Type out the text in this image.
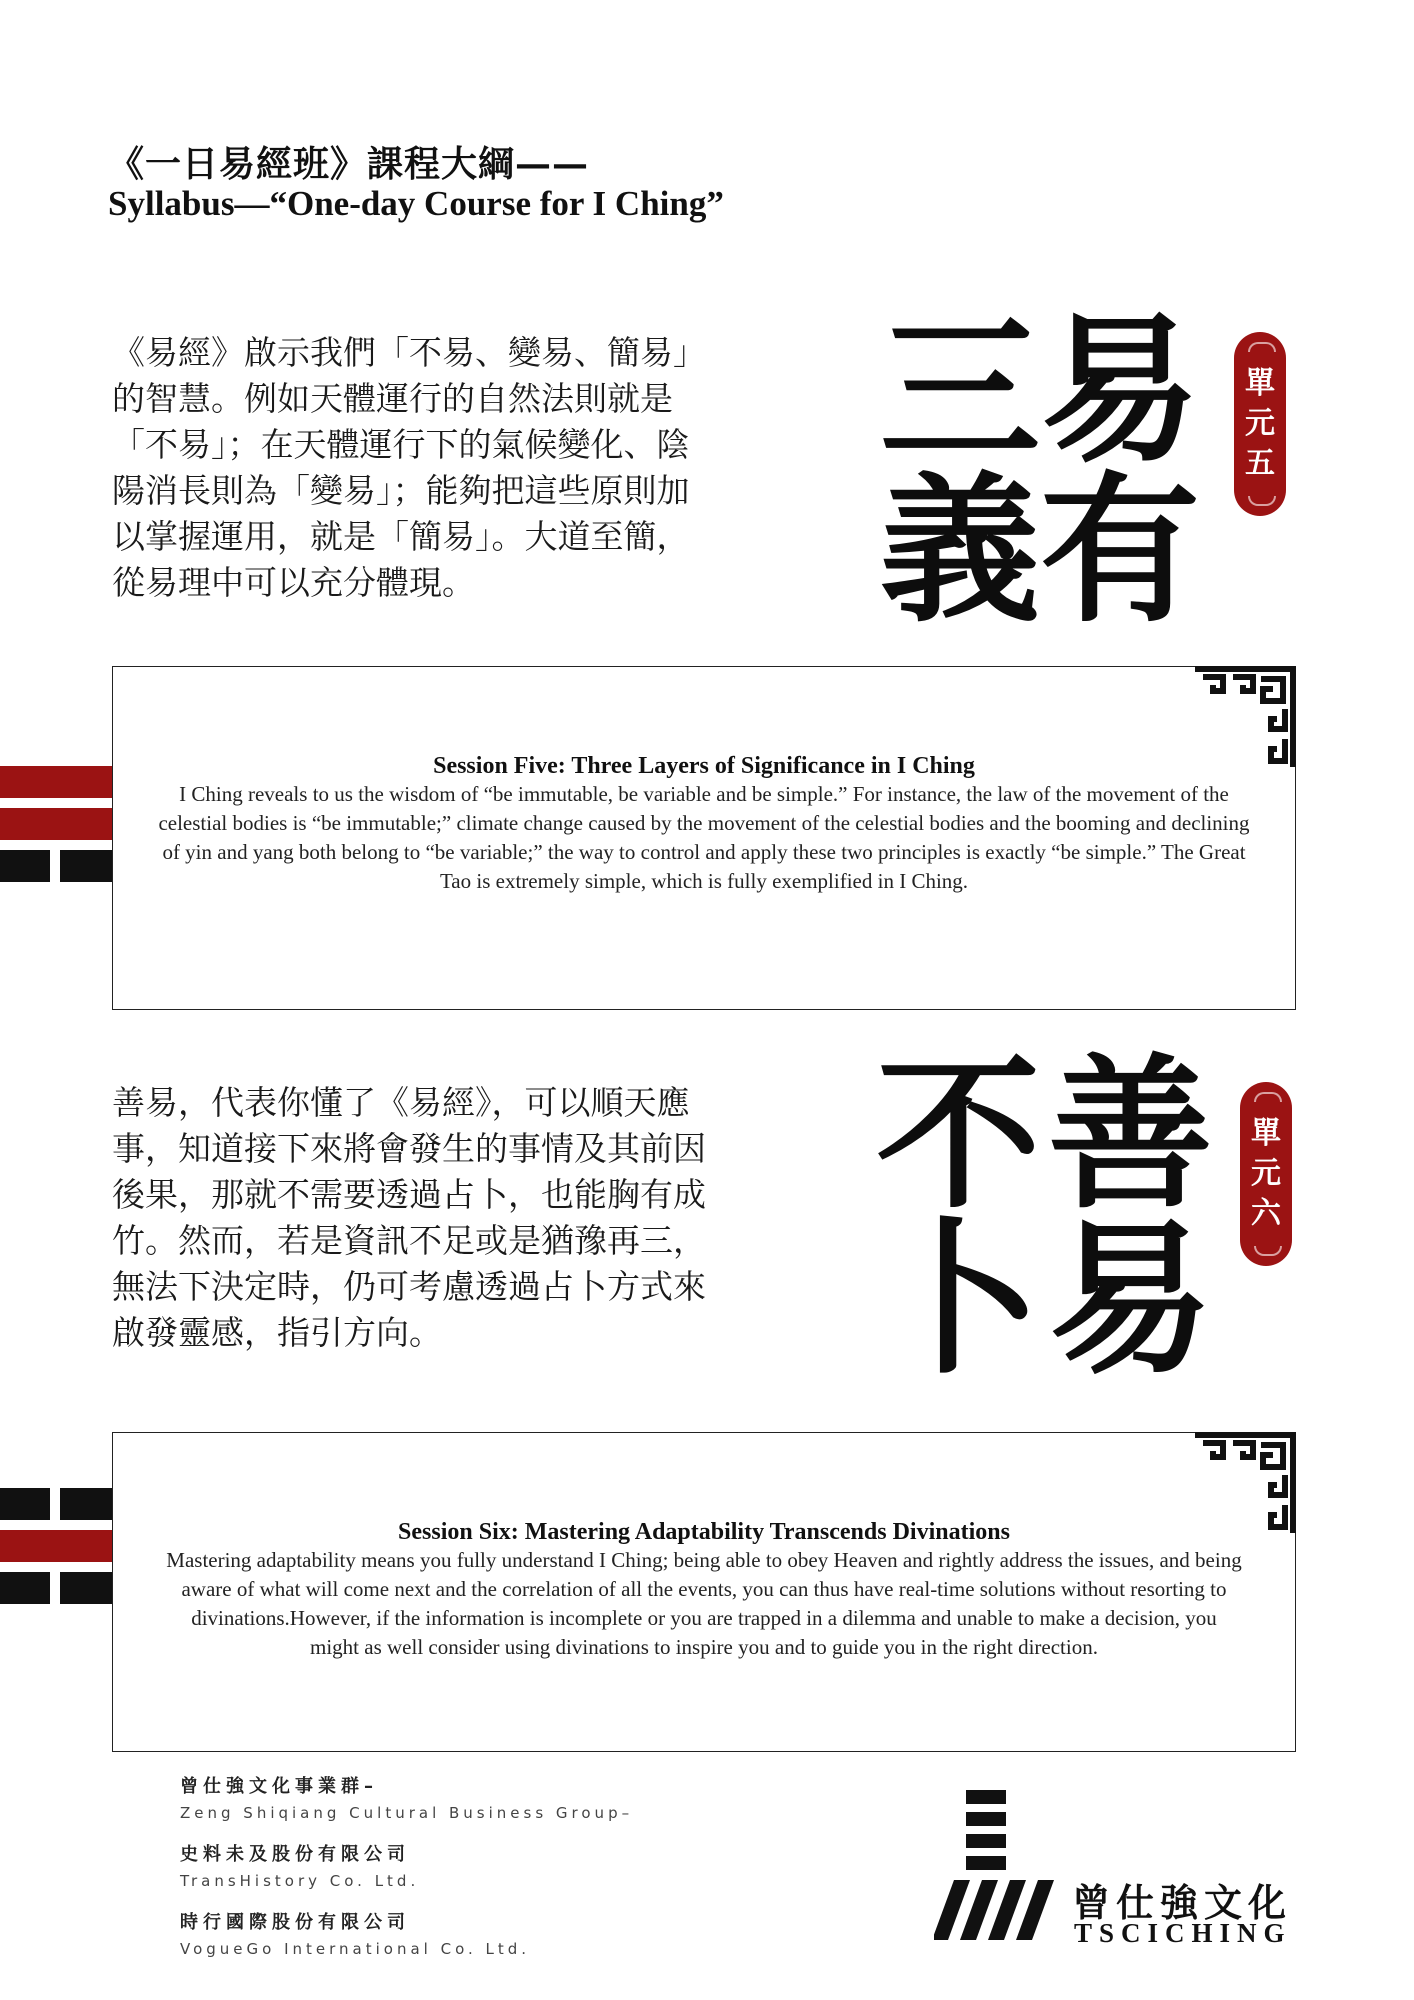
《一日易經班》課程大綱——
Syllabus—“One-day Course for I Ching”
《易經》啟示我們「不易、變易、簡易」的智慧。例如天體運行的自然法則就是「不易」；在天體運行下的氣候變化、陰陽消長則為「變易」；能夠把這些原則加以掌握運用，就是「簡易」。大道至簡，從易理中可以充分體現。
易
有
三
義
單
元
五
Session Five: Three Layers of Significance in I Ching
I Ching reveals to us the wisdom of “be immutable, be variable and be simple.” For instance, the law of the movement of the celestial bodies is “be immutable;” climate change caused by the movement of the celestial bodies and the booming and declining of yin and yang both belong to “be variable;” the way to control and apply these two principles is exactly “be simple.” The Great Tao is extremely simple, which is fully exemplified in I Ching.
善易，代表你懂了《易經》，可以順天應事，知道接下來將會發生的事情及其前因後果，那就不需要透過占卜，也能胸有成竹。然而，若是資訊不足或是猶豫再三，無法下決定時，仍可考慮透過占卜方式來啟發靈感，指引方向。
善
易
不
卜
單
元
六
Session Six: Mastering Adaptability Transcends Divinations
Mastering adaptability means you fully understand I Ching; being able to obey Heaven and rightly address the issues, and being aware of what will come next and the correlation of all the events, you can thus have real-time solutions without resorting to divinations.However, if the information is incomplete or you are trapped in a dilemma and unable to make a decision, you might as well consider using divinations to inspire you and to guide you in the right direction.
曾仕強文化事業群–
Zeng Shiqiang Cultural Business Group–
史料未及股份有限公司
TransHistory Co. Ltd.
時行國際股份有限公司
VogueGo International Co. Ltd.
曾仕強文化
TSCICHING
